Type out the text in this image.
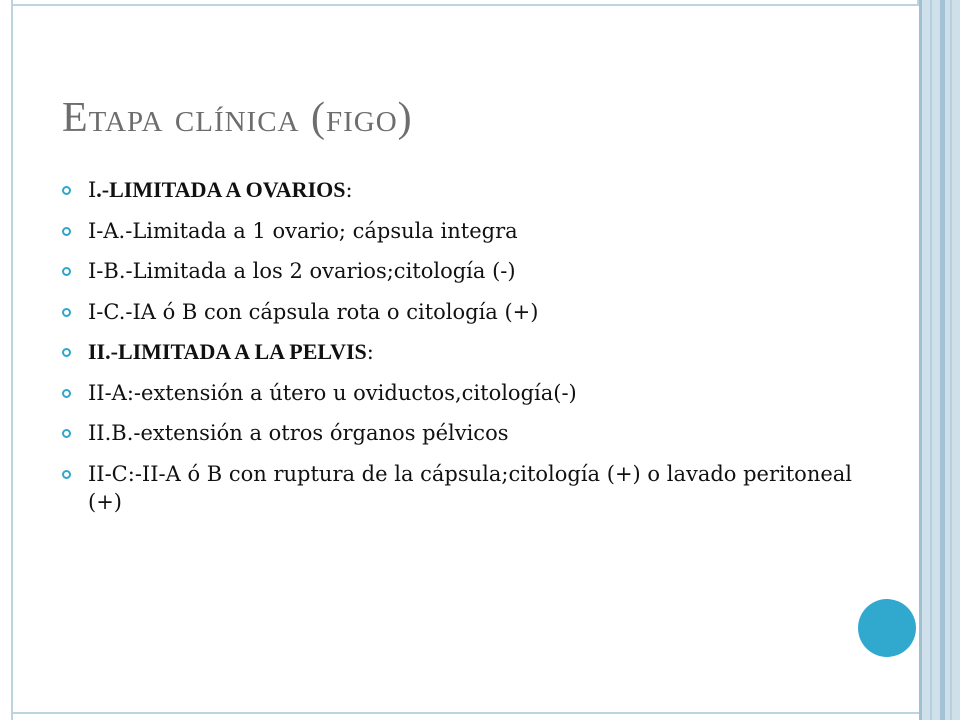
Etapa clínica (figo)
I.-LIMITADA A OVARIOS:
I-A.-Limitada a 1 ovario; cápsula integra
I-B.-Limitada a los 2 ovarios;citología (-)
I-C.-IA ó B con cápsula rota o citología (+)
II.-LIMITADA A LA PELVIS:
II-A:-extensión a útero u oviductos,citología(-)
II.B.-extensión a otros órganos pélvicos
II-C:-II-A ó B con ruptura de la cápsula;citología (+) o lavado peritoneal (+)
